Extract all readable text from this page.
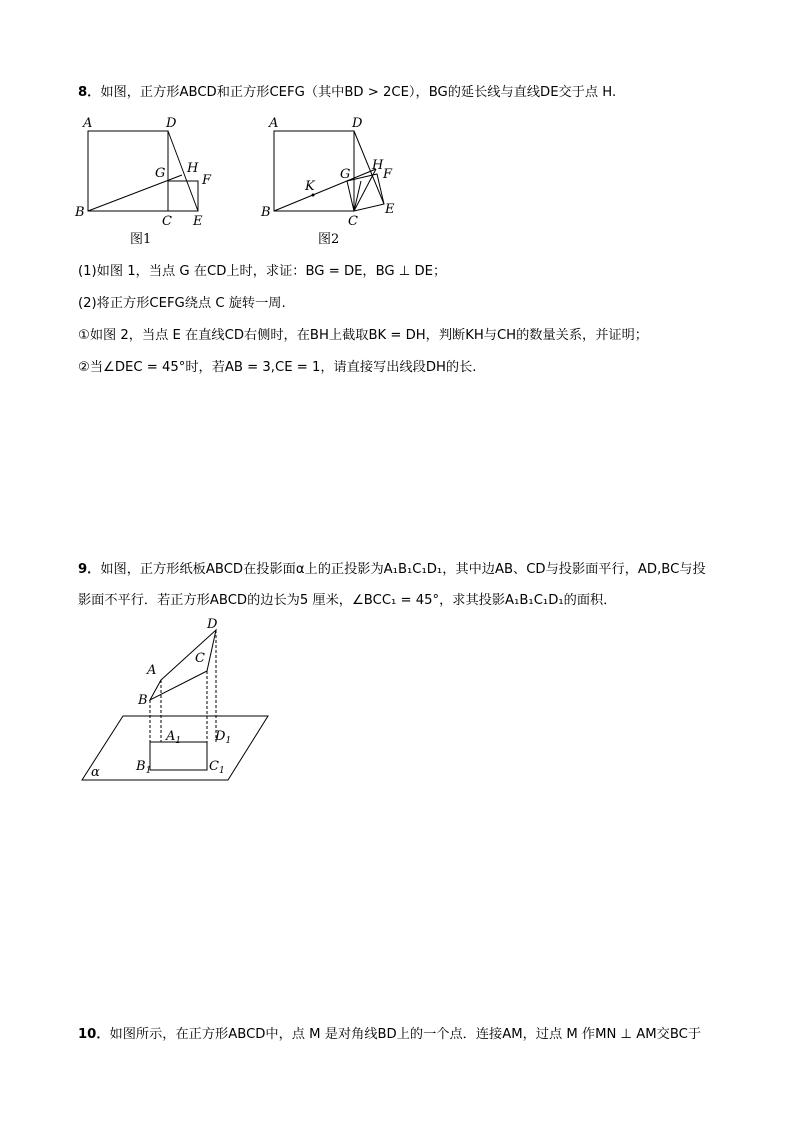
8．如图，正方形ABCD和正方形CEFG（其中BD > 2CE），BG的延长线与直线DE交于点 H.
A	D
G H
F
B
C E
图1
A	D
K
G
H
F
B
C
E
图2
(1)如图 1，当点 G 在CD上时，求证：BG = DE，BG ⊥ DE；
(2)将正方形CEFG绕点 C 旋转一周.
①如图 2，当点 E 在直线CD右侧时，在BH上截取BK = DH，判断KH与CH的数量关系，并证明；
②当∠DEC = 45°时，若AB = 3,CE = 1，请直接写出线段DH的长.
9．如图，正方形纸板ABCD在投影面α上的正投影为A₁B₁C₁D₁，其中边AB、CD与投影面平行，AD,BC与投
影面不平行．若正方形ABCD的边长为5 厘米，∠BCC₁ = 45°，求其投影A₁B₁C₁D₁的面积．
D
C
A
B
$A_1$	$D_1$
$B_1$	$C_1$
α
10．如图所示，在正方形ABCD中，点 M 是对角线BD上的一个点．连接AM，过点 M 作MN ⊥ AM交BC于
